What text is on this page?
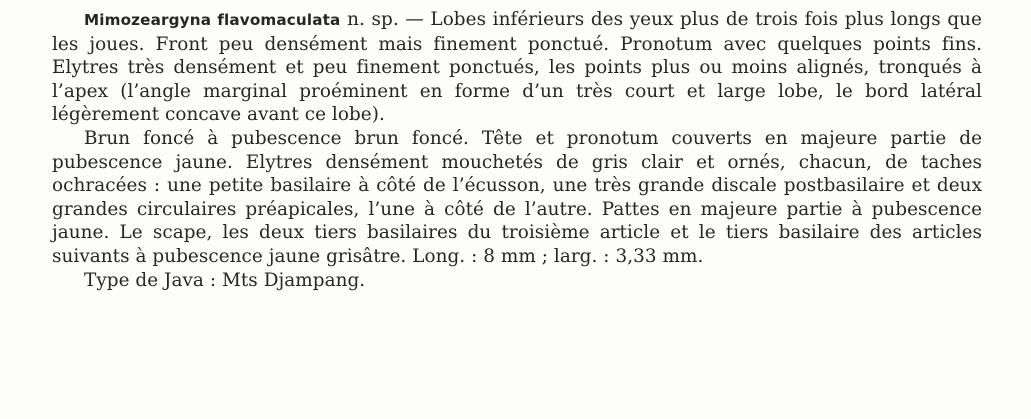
Mimozeargyna flavomaculata n. sp. — Lobes inférieurs des yeux plus de trois fois plus longs que les joues. Front peu densément mais finement ponctué. Pronotum avec quelques points fins. Elytres très densément et peu finement ponctués, les points plus ou moins alignés, tronqués à l’apex (l’angle marginal proéminent en forme d’un très court et large lobe, le bord latéral légèrement concave avant ce lobe).

Brun foncé à pubescence brun foncé. Tête et pronotum couverts en majeure partie de pubescence jaune. Elytres densément mouchetés de gris clair et ornés, chacun, de taches ochracées : une petite basilaire à côté de l’écusson, une très grande discale postbasilaire et deux grandes circulaires préapicales, l’une à côté de l’autre. Pattes en majeure partie à pubescence jaune. Le scape, les deux tiers basilaires du troisième article et le tiers basilaire des articles suivants à pubescence jaune grisâtre. Long. : 8 mm ; larg. : 3,33 mm.

Type de Java : Mts Djampang.
